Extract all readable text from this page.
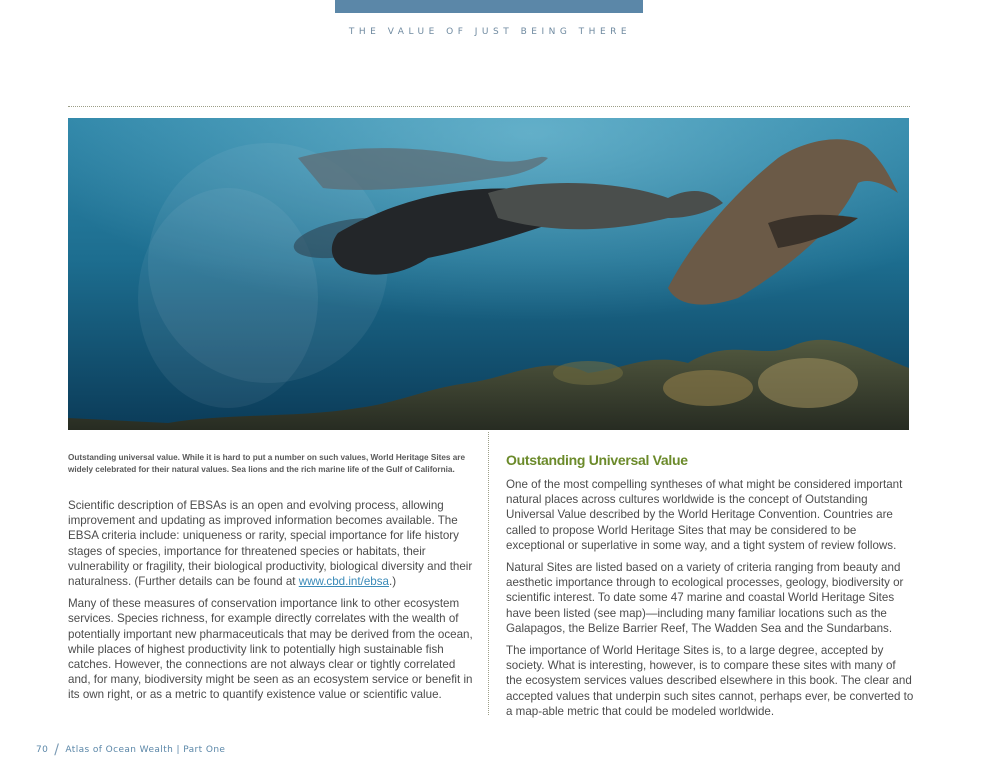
THE VALUE OF JUST BEING THERE
Outstanding universal value. While it is hard to put a number on such values, World Heritage Sites are widely celebrated for their natural values. Sea lions and the rich marine life of the Gulf of California.

Scientific description of EBSAs is an open and evolving process, allowing improvement and updating as improved information becomes available. The EBSA criteria include: uniqueness or rarity, special importance for life history stages of species, importance for threatened species or habitats, their vulnerability or fragility, their biological productivity, biological diversity and their naturalness. (Further details can be found at www.cbd.int/ebsa.)

Many of these measures of conservation importance link to other ecosystem services. Species richness, for example directly correlates with the wealth of potentially important new pharmaceuticals that may be derived from the ocean, while places of highest productivity link to potentially high sustainable fish catches. However, the connections are not always clear or tightly correlated and, for many, biodiversity might be seen as an ecosystem service or benefit in its own right, or as a metric to quantify existence value or scientific value.

Outstanding Universal Value

One of the most compelling syntheses of what might be considered important natural places across cultures worldwide is the concept of Outstanding Universal Value described by the World Heritage Convention. Countries are called to propose World Heritage Sites that may be considered to be exceptional or superlative in some way, and a tight system of review follows.

Natural Sites are listed based on a variety of criteria ranging from beauty and aesthetic importance through to ecological processes, geology, biodiversity or scientific interest. To date some 47 marine and coastal World Heritage Sites have been listed (see map)—including many familiar locations such as the Galapagos, the Belize Barrier Reef, The Wadden Sea and the Sundarbans.

The importance of World Heritage Sites is, to a large degree, accepted by society. What is interesting, however, is to compare these sites with many of the ecosystem services values described elsewhere in this book. The clear and accepted values that underpin such sites cannot, perhaps ever, be converted to a map-able metric that could be modeled worldwide.

70 / Atlas of Ocean Wealth | Part One
